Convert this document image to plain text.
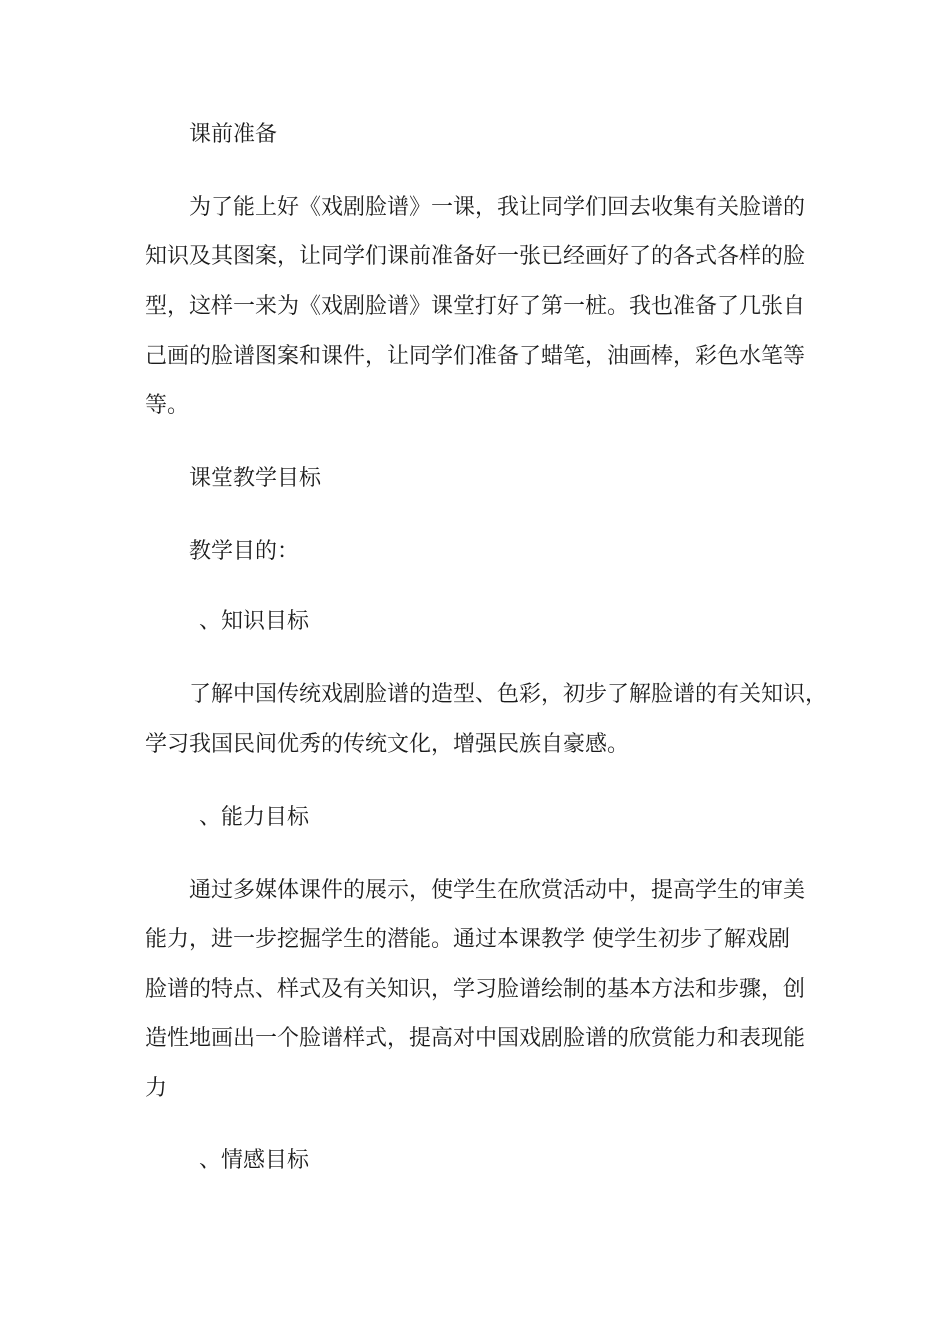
课前准备
为了能上好《戏剧脸谱》一课，我让同学们回去收集有关脸谱的
知识及其图案，让同学们课前准备好一张已经画好了的各式各样的脸
型，这样一来为《戏剧脸谱》课堂打好了第一桩。我也准备了几张自
己画的脸谱图案和课件，让同学们准备了蜡笔，油画棒，彩色水笔等
等。
课堂教学目标
教学目的：
、知识目标
了解中国传统戏剧脸谱的造型、色彩，初步了解脸谱的有关知识，
学习我国民间优秀的传统文化，增强民族自豪感。
、能力目标
通过多媒体课件的展示，使学生在欣赏活动中，提高学生的审美
能力，进一步挖掘学生的潜能。通过本课教学 使学生初步了解戏剧
脸谱的特点、样式及有关知识，学习脸谱绘制的基本方法和步骤，创
造性地画出一个脸谱样式，提高对中国戏剧脸谱的欣赏能力和表现能
力
、情感目标
